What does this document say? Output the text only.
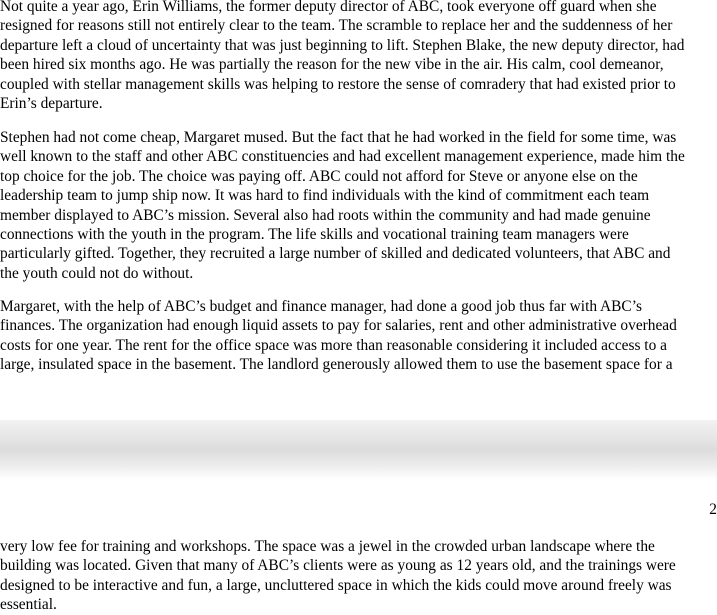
Not quite a year ago, Erin Williams, the former deputy director of ABC, took everyone off guard when she
resigned for reasons still not entirely clear to the team. The scramble to replace her and the suddenness of her
departure left a cloud of uncertainty that was just beginning to lift. Stephen Blake, the new deputy director, had
been hired six months ago. He was partially the reason for the new vibe in the air. His calm, cool demeanor,
coupled with stellar management skills was helping to restore the sense of comradery that had existed prior to
Erin’s departure.
Stephen had not come cheap, Margaret mused. But the fact that he had worked in the field for some time, was
well known to the staff and other ABC constituencies and had excellent management experience, made him the
top choice for the job. The choice was paying off. ABC could not afford for Steve or anyone else on the
leadership team to jump ship now. It was hard to find individuals with the kind of commitment each team
member displayed to ABC’s mission. Several also had roots within the community and had made genuine
connections with the youth in the program. The life skills and vocational training team managers were
particularly gifted. Together, they recruited a large number of skilled and dedicated volunteers, that ABC and
the youth could not do without.
Margaret, with the help of ABC’s budget and finance manager, had done a good job thus far with ABC’s
finances. The organization had enough liquid assets to pay for salaries, rent and other administrative overhead
costs for one year. The rent for the office space was more than reasonable considering it included access to a
large, insulated space in the basement. The landlord generously allowed them to use the basement space for a
2
very low fee for training and workshops. The space was a jewel in the crowded urban landscape where the
building was located. Given that many of ABC’s clients were as young as 12 years old, and the trainings were
designed to be interactive and fun, a large, uncluttered space in which the kids could move around freely was
essential.
